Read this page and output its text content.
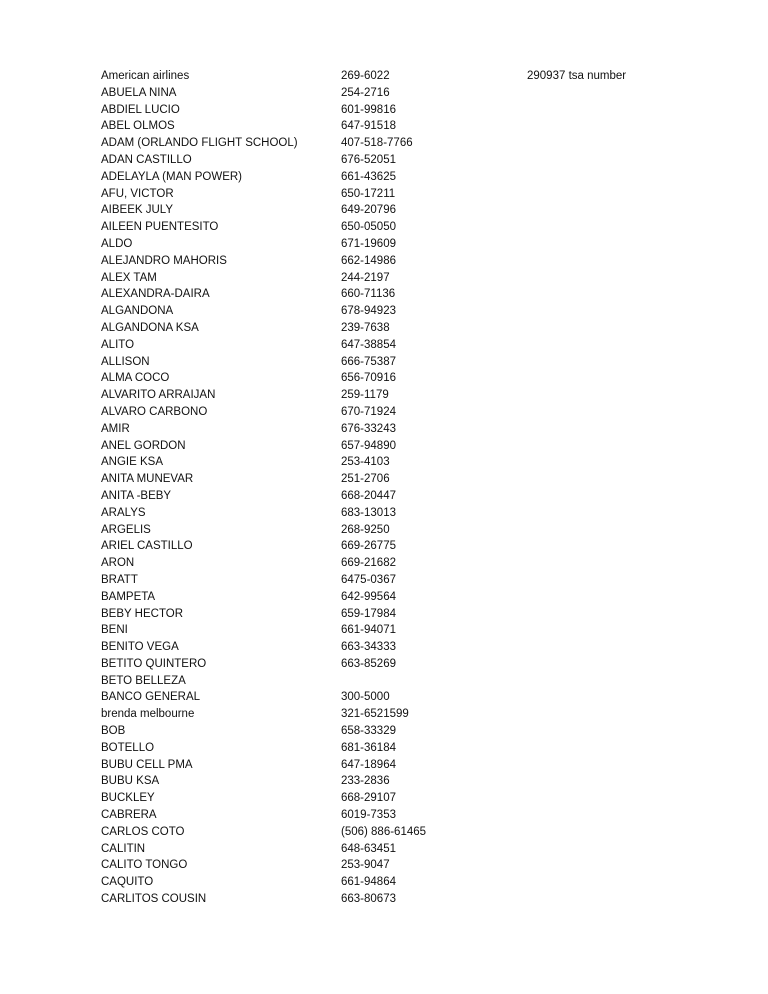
American airlines	269-6022	290937 tsa number
ABUELA NINA	254-2716
ABDIEL LUCIO	601-99816
ABEL OLMOS	647-91518
ADAM (ORLANDO FLIGHT SCHOOL)	407-518-7766
ADAN CASTILLO	676-52051
ADELAYLA (MAN POWER)	661-43625
AFU, VICTOR	650-17211
AIBEEK JULY	649-20796
AILEEN PUENTESITO	650-05050
ALDO	671-19609
ALEJANDRO MAHORIS	662-14986
ALEX TAM	244-2197
ALEXANDRA-DAIRA	660-71136
ALGANDONA	678-94923
ALGANDONA KSA	239-7638
ALITO	647-38854
ALLISON	666-75387
ALMA COCO	656-70916
ALVARITO ARRAIJAN	259-1179
ALVARO CARBONO	670-71924
AMIR	676-33243
ANEL GORDON	657-94890
ANGIE KSA	253-4103
ANITA MUNEVAR	251-2706
ANITA -BEBY	668-20447
ARALYS	683-13013
ARGELIS	268-9250
ARIEL CASTILLO	669-26775
ARON	669-21682
BRATT	6475-0367
BAMPETA	642-99564
BEBY HECTOR	659-17984
BENI	661-94071
BENITO VEGA	663-34333
BETITO QUINTERO	663-85269
BETO BELLEZA
BANCO GENERAL	300-5000
brenda melbourne	321-6521599
BOB	658-33329
BOTELLO	681-36184
BUBU CELL PMA	647-18964
BUBU KSA	233-2836
BUCKLEY	668-29107
CABRERA	6019-7353
CARLOS COTO	(506) 886-61465
CALITIN	648-63451
CALITO TONGO	253-9047
CAQUITO	661-94864
CARLITOS COUSIN	663-80673
